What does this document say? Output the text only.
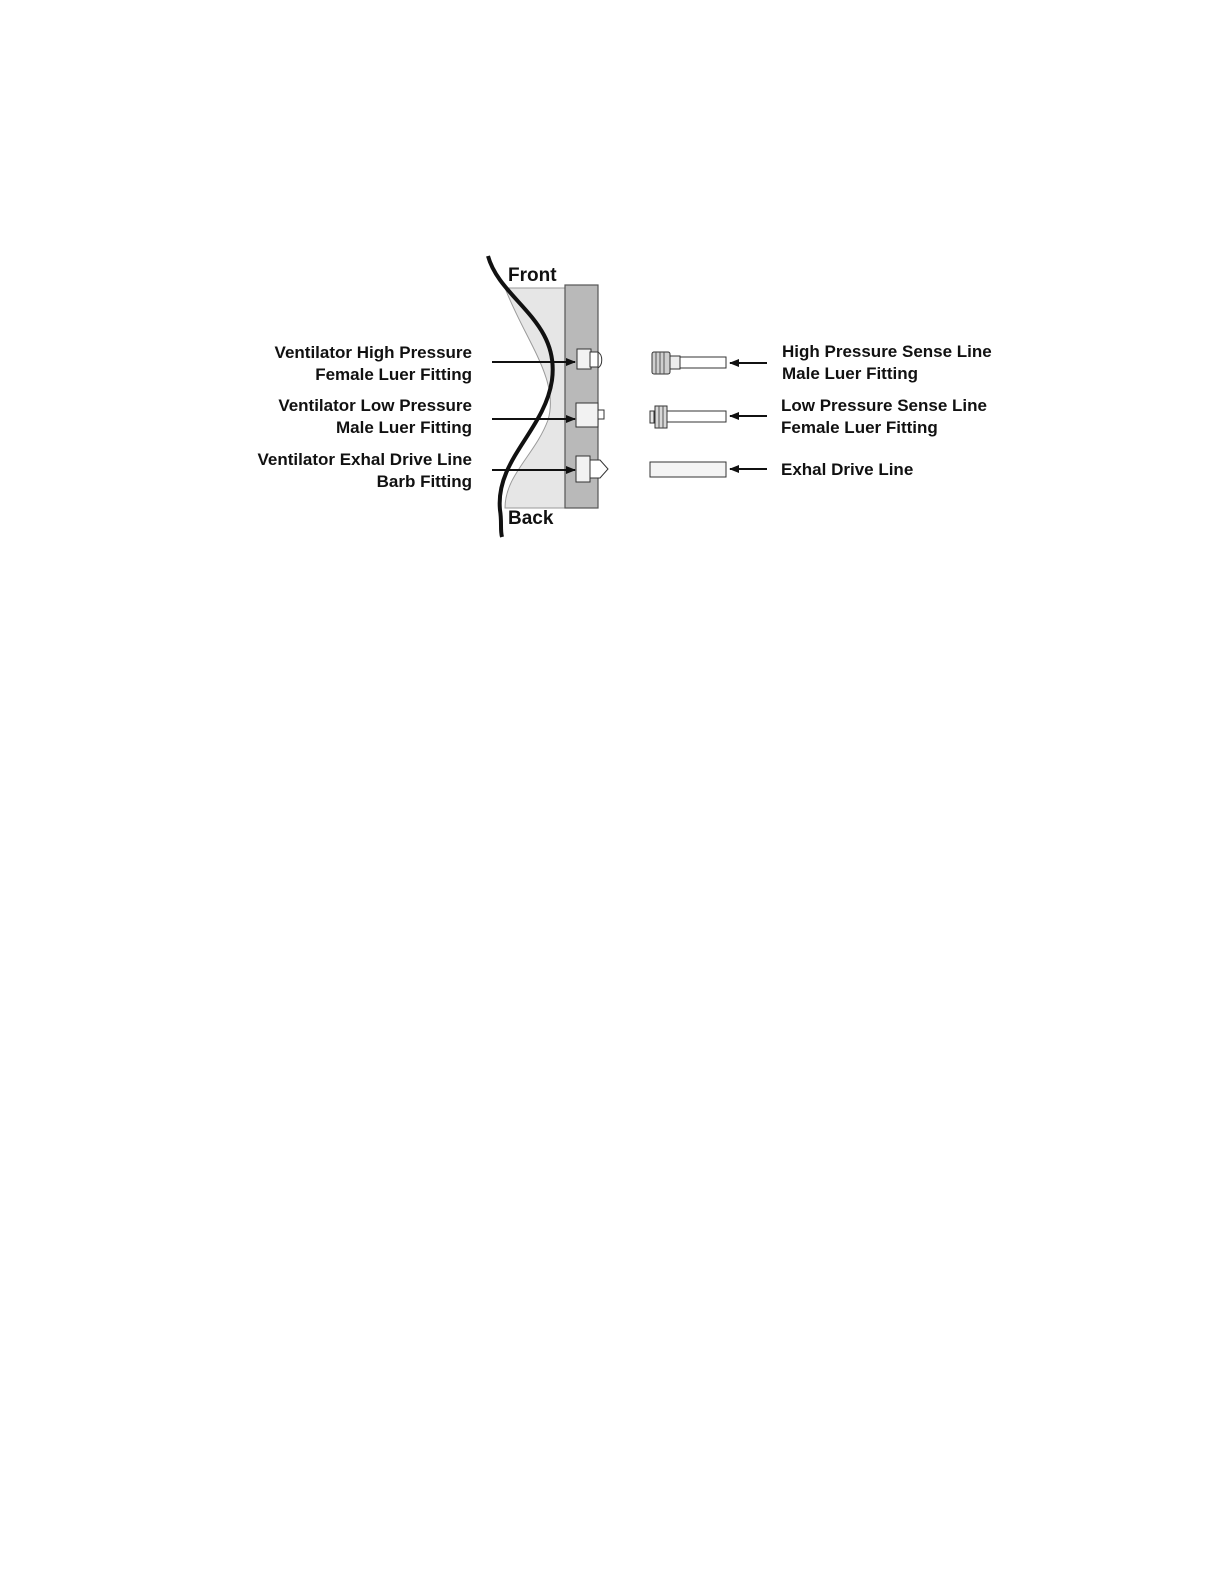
Front
Back
Ventilator High Pressure
Female Luer Fitting
Ventilator Low Pressure
Male Luer Fitting
Ventilator Exhal Drive Line
Barb Fitting
High Pressure Sense Line
Male Luer Fitting
Low Pressure Sense Line
Female Luer Fitting
Exhal Drive Line
